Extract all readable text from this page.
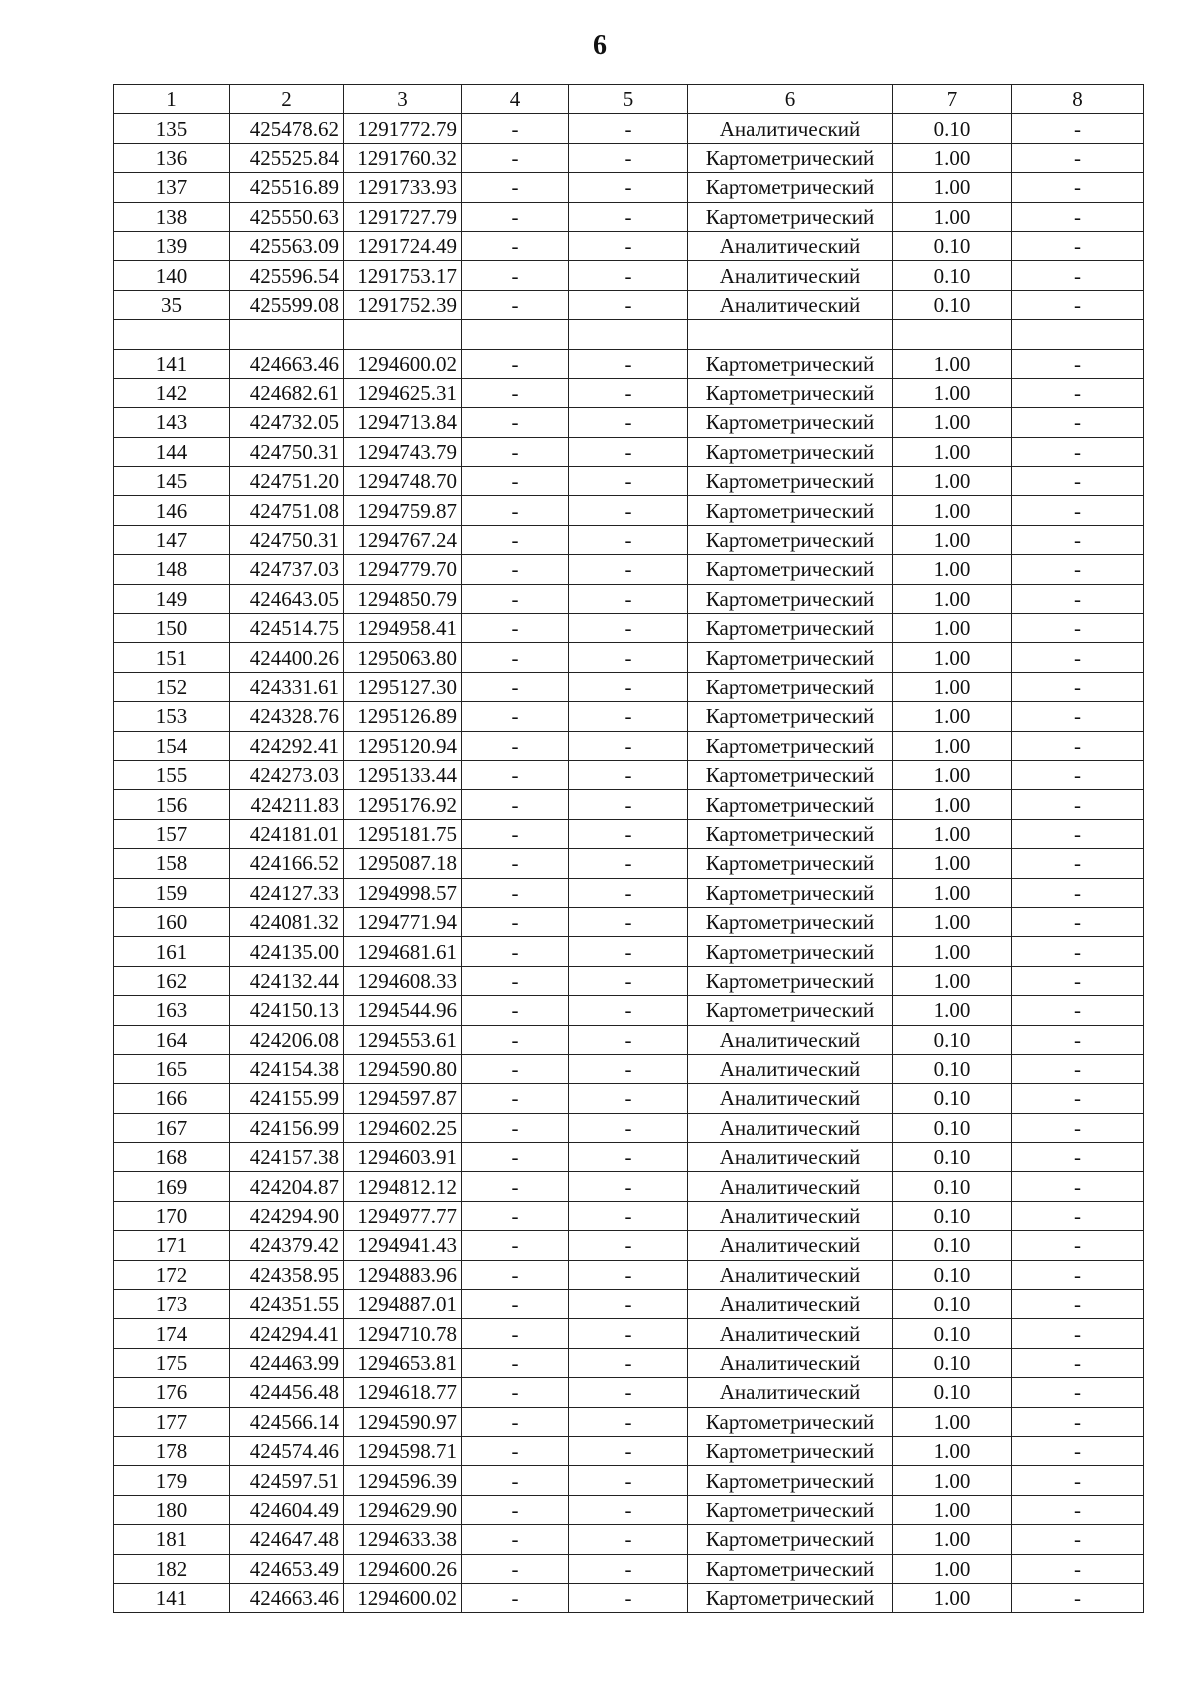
6
1	2	3	4	5	6	7	8
135	425478.62	1291772.79	-	-	Аналитический	0.10	-
136	425525.84	1291760.32	-	-	Картометрический	1.00	-
137	425516.89	1291733.93	-	-	Картометрический	1.00	-
138	425550.63	1291727.79	-	-	Картометрический	1.00	-
139	425563.09	1291724.49	-	-	Аналитический	0.10	-
140	425596.54	1291753.17	-	-	Аналитический	0.10	-
35	425599.08	1291752.39	-	-	Аналитический	0.10	-

141	424663.46	1294600.02	-	-	Картометрический	1.00	-
142	424682.61	1294625.31	-	-	Картометрический	1.00	-
143	424732.05	1294713.84	-	-	Картометрический	1.00	-
144	424750.31	1294743.79	-	-	Картометрический	1.00	-
145	424751.20	1294748.70	-	-	Картометрический	1.00	-
146	424751.08	1294759.87	-	-	Картометрический	1.00	-
147	424750.31	1294767.24	-	-	Картометрический	1.00	-
148	424737.03	1294779.70	-	-	Картометрический	1.00	-
149	424643.05	1294850.79	-	-	Картометрический	1.00	-
150	424514.75	1294958.41	-	-	Картометрический	1.00	-
151	424400.26	1295063.80	-	-	Картометрический	1.00	-
152	424331.61	1295127.30	-	-	Картометрический	1.00	-
153	424328.76	1295126.89	-	-	Картометрический	1.00	-
154	424292.41	1295120.94	-	-	Картометрический	1.00	-
155	424273.03	1295133.44	-	-	Картометрический	1.00	-
156	424211.83	1295176.92	-	-	Картометрический	1.00	-
157	424181.01	1295181.75	-	-	Картометрический	1.00	-
158	424166.52	1295087.18	-	-	Картометрический	1.00	-
159	424127.33	1294998.57	-	-	Картометрический	1.00	-
160	424081.32	1294771.94	-	-	Картометрический	1.00	-
161	424135.00	1294681.61	-	-	Картометрический	1.00	-
162	424132.44	1294608.33	-	-	Картометрический	1.00	-
163	424150.13	1294544.96	-	-	Картометрический	1.00	-
164	424206.08	1294553.61	-	-	Аналитический	0.10	-
165	424154.38	1294590.80	-	-	Аналитический	0.10	-
166	424155.99	1294597.87	-	-	Аналитический	0.10	-
167	424156.99	1294602.25	-	-	Аналитический	0.10	-
168	424157.38	1294603.91	-	-	Аналитический	0.10	-
169	424204.87	1294812.12	-	-	Аналитический	0.10	-
170	424294.90	1294977.77	-	-	Аналитический	0.10	-
171	424379.42	1294941.43	-	-	Аналитический	0.10	-
172	424358.95	1294883.96	-	-	Аналитический	0.10	-
173	424351.55	1294887.01	-	-	Аналитический	0.10	-
174	424294.41	1294710.78	-	-	Аналитический	0.10	-
175	424463.99	1294653.81	-	-	Аналитический	0.10	-
176	424456.48	1294618.77	-	-	Аналитический	0.10	-
177	424566.14	1294590.97	-	-	Картометрический	1.00	-
178	424574.46	1294598.71	-	-	Картометрический	1.00	-
179	424597.51	1294596.39	-	-	Картометрический	1.00	-
180	424604.49	1294629.90	-	-	Картометрический	1.00	-
181	424647.48	1294633.38	-	-	Картометрический	1.00	-
182	424653.49	1294600.26	-	-	Картометрический	1.00	-
141	424663.46	1294600.02	-	-	Картометрический	1.00	-
